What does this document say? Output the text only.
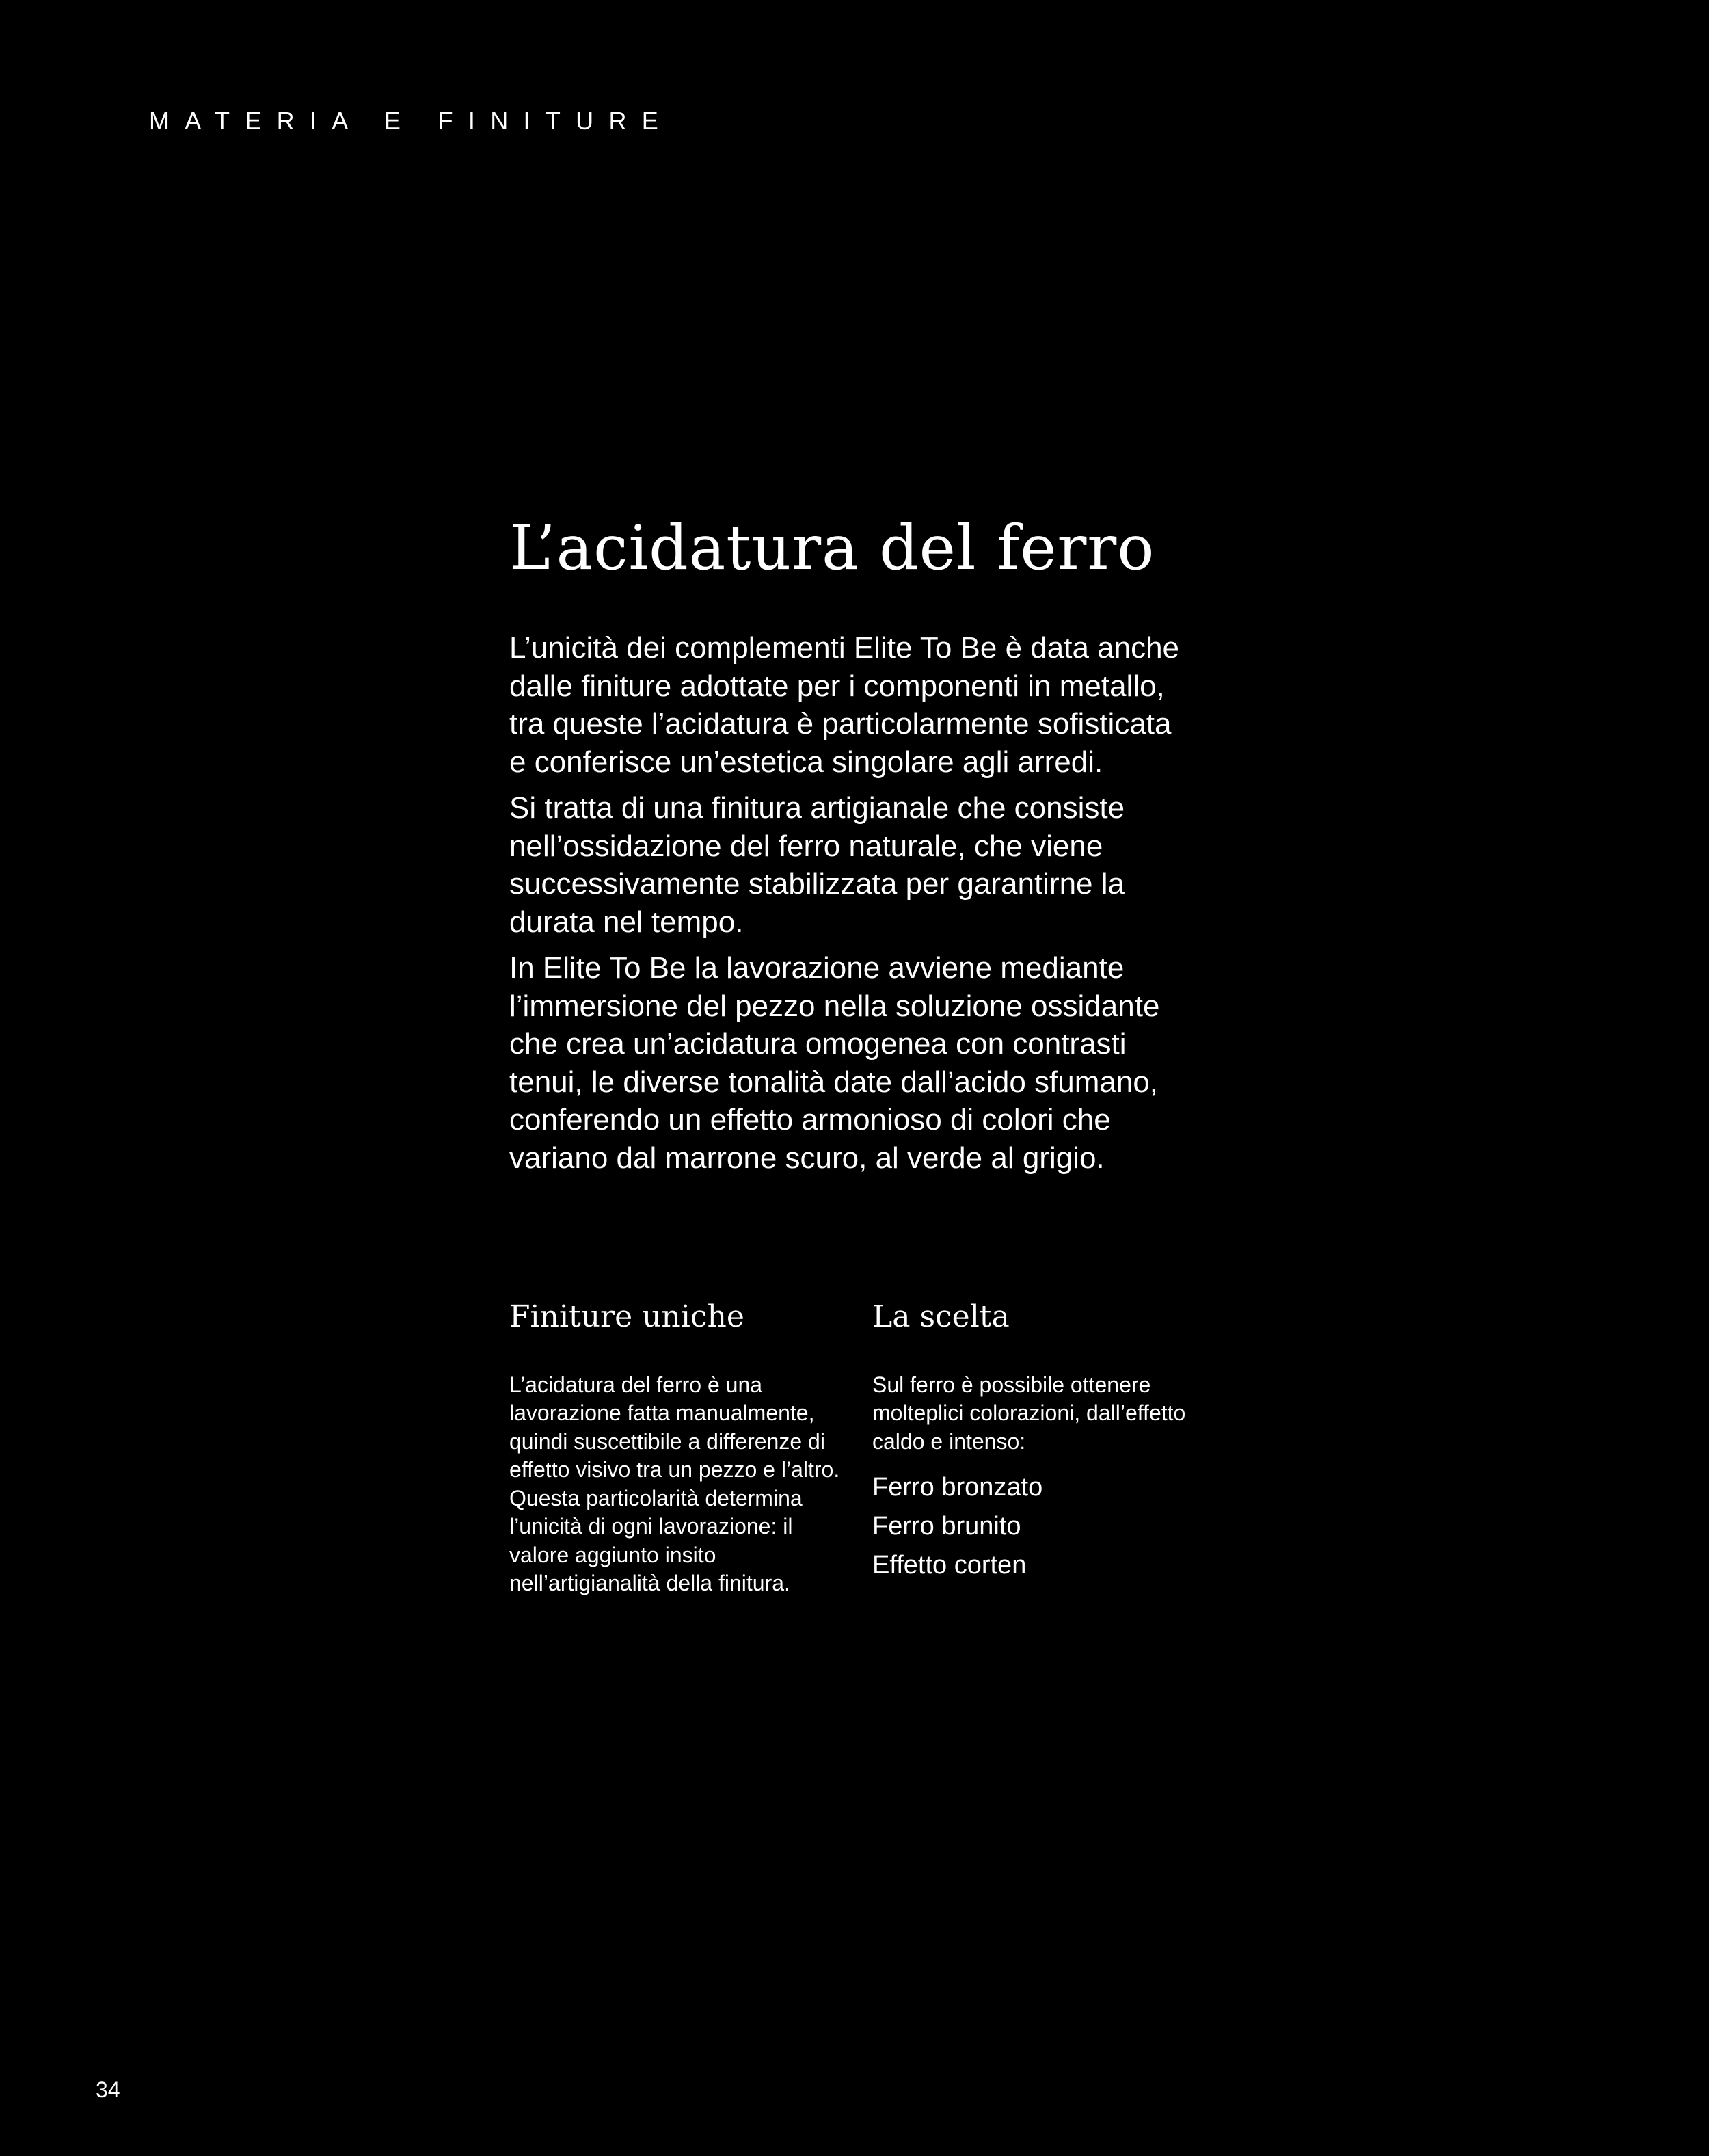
MATERIA E FINITURE
L’acidatura del ferro

L’unicità dei complementi Elite To Be è data anche dalle finiture adottate per i componenti in metallo, tra queste l’acidatura è particolarmente sofisticata e conferisce un’estetica singolare agli arredi.

Si tratta di una finitura artigianale che consiste nell’ossidazione del ferro naturale, che viene successivamente stabilizzata per garantirne la durata nel tempo.

In Elite To Be la lavorazione avviene mediante l’immersione del pezzo nella soluzione ossidante che crea un’acidatura omogenea con contrasti tenui, le diverse tonalità date dall’acido sfumano, conferendo un effetto armonioso di colori che variano dal marrone scuro, al verde al grigio.

Finiture uniche

L’acidatura del ferro è una lavorazione fatta manualmente, quindi suscettibile a differenze di effetto visivo tra un pezzo e l’altro.

Questa particolarità determina l’unicità di ogni lavorazione: il valore aggiunto insito nell’artigianalità della finitura.

La scelta

Sul ferro è possibile ottenere molteplici colorazioni, dall’effetto caldo e intenso:

Ferro bronzato
Ferro brunito
Effetto corten
34
